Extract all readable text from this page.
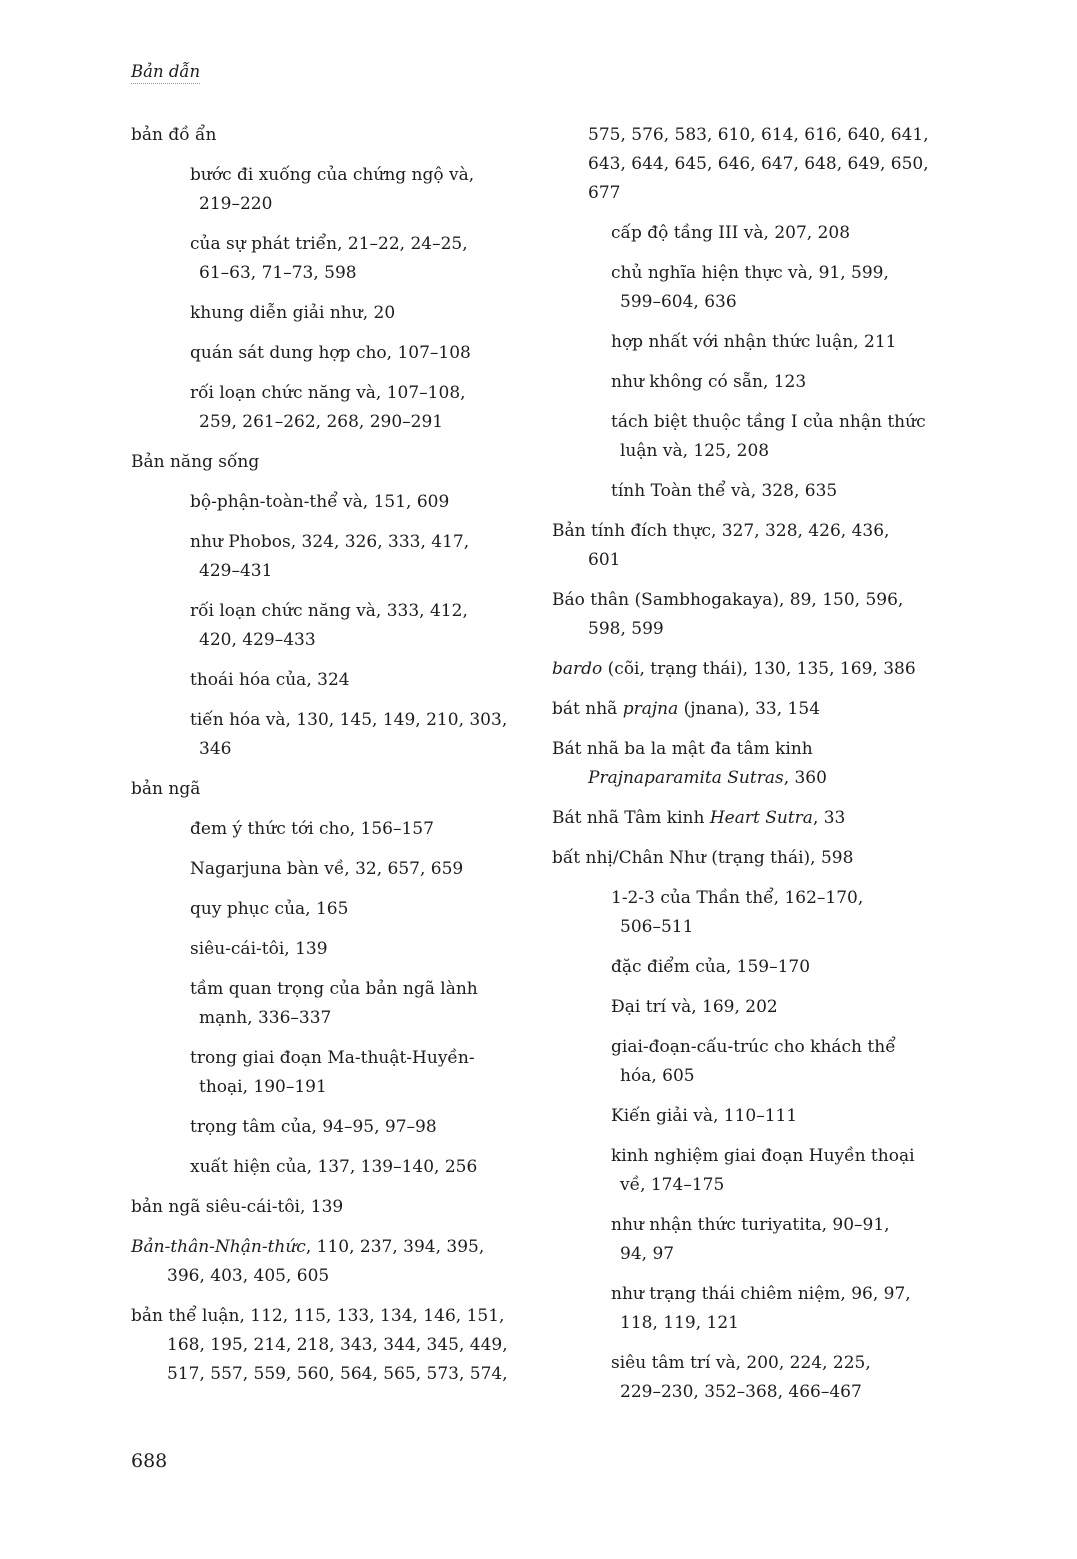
Bản dẫn

bản đồ ẩn

bước đi xuống của chứng ngộ và,
219–220

của sự phát triển, 21–22, 24–25,
61–63, 71–73, 598

khung diễn giải như, 20

quán sát dung hợp cho, 107–108

rối loạn chức năng và, 107–108,
259, 261–262, 268, 290–291

Bản năng sống

bộ-phận-toàn-thể và, 151, 609

như Phobos, 324, 326, 333, 417,
429–431

rối loạn chức năng và, 333, 412,
420, 429–433

thoái hóa của, 324

tiến hóa và, 130, 145, 149, 210, 303,
346

bản ngã

đem ý thức tới cho, 156–157

Nagarjuna bàn về, 32, 657, 659

quy phục của, 165

siêu-cái-tôi, 139

tầm quan trọng của bản ngã lành
mạnh, 336–337

trong giai đoạn Ma-thuật-Huyền-
thoại, 190–191

trọng tâm của, 94–95, 97–98

xuất hiện của, 137, 139–140, 256

bản ngã siêu-cái-tôi, 139

Bản-thân-Nhận-thức, 110, 237, 394, 395,
396, 403, 405, 605

bản thể luận, 112, 115, 133, 134, 146, 151,
168, 195, 214, 218, 343, 344, 345, 449,
517, 557, 559, 560, 564, 565, 573, 574,

575, 576, 583, 610, 614, 616, 640, 641,
643, 644, 645, 646, 647, 648, 649, 650,
677

cấp độ tầng III và, 207, 208

chủ nghĩa hiện thực và, 91, 599,
599–604, 636

hợp nhất với nhận thức luận, 211

như không có sẵn, 123

tách biệt thuộc tầng I của nhận thức
luận và, 125, 208

tính Toàn thể và, 328, 635

Bản tính đích thực, 327, 328, 426, 436,
601

Báo thân (Sambhogakaya), 89, 150, 596,
598, 599

bardo (cõi, trạng thái), 130, 135, 169, 386

bát nhã prajna (jnana), 33, 154

Bát nhã ba la mật đa tâm kinh
Prajnaparamita Sutras, 360

Bát nhã Tâm kinh Heart Sutra, 33

bất nhị/Chân Như (trạng thái), 598

1-2-3 của Thần thể, 162–170,
506–511

đặc điểm của, 159–170

Đại trí và, 169, 202

giai-đoạn-cấu-trúc cho khách thể
hóa, 605

Kiến giải và, 110–111

kinh nghiệm giai đoạn Huyền thoại
về, 174–175

như nhận thức turiyatita, 90–91,
94, 97

như trạng thái chiêm niệm, 96, 97,
118, 119, 121

siêu tâm trí và, 200, 224, 225,
229–230, 352–368, 466–467

688
